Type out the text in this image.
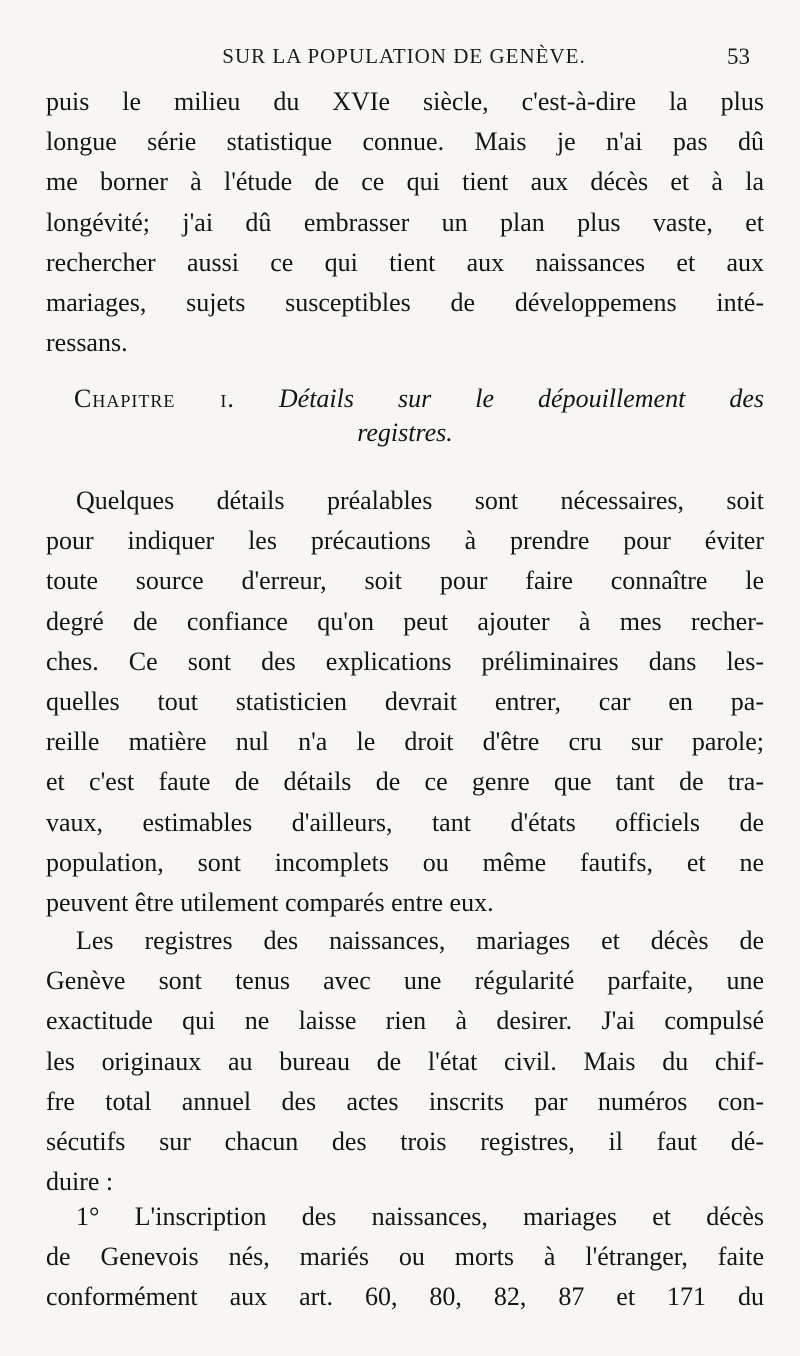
SUR LA POPULATION DE GENÈVE.	53
puis le milieu du XVIe siècle, c'est-à-dire la plus
longue série statistique connue. Mais je n'ai pas dû
me borner à l'étude de ce qui tient aux décès et à la
longévité; j'ai dû embrasser un plan plus vaste, et
rechercher aussi ce qui tient aux naissances et aux
mariages, sujets susceptibles de développemens inté-
ressans.
Chapitre i. Détails sur le dépouillement des
registres.
Quelques détails préalables sont nécessaires, soit
pour indiquer les précautions à prendre pour éviter
toute source d'erreur, soit pour faire connaître le
degré de confiance qu'on peut ajouter à mes recher-
ches. Ce sont des explications préliminaires dans les-
quelles tout statisticien devrait entrer, car en pa-
reille matière nul n'a le droit d'être cru sur parole;
et c'est faute de détails de ce genre que tant de tra-
vaux, estimables d'ailleurs, tant d'états officiels de
population, sont incomplets ou même fautifs, et ne
peuvent être utilement comparés entre eux.
Les registres des naissances, mariages et décès de
Genève sont tenus avec une régularité parfaite, une
exactitude qui ne laisse rien à desirer. J'ai compulsé
les originaux au bureau de l'état civil. Mais du chif-
fre total annuel des actes inscrits par numéros con-
sécutifs sur chacun des trois registres, il faut dé-
duire :
1° L'inscription des naissances, mariages et décès
de Genevois nés, mariés ou morts à l'étranger, faite
conformément aux art. 60, 80, 82, 87 et 171 du
